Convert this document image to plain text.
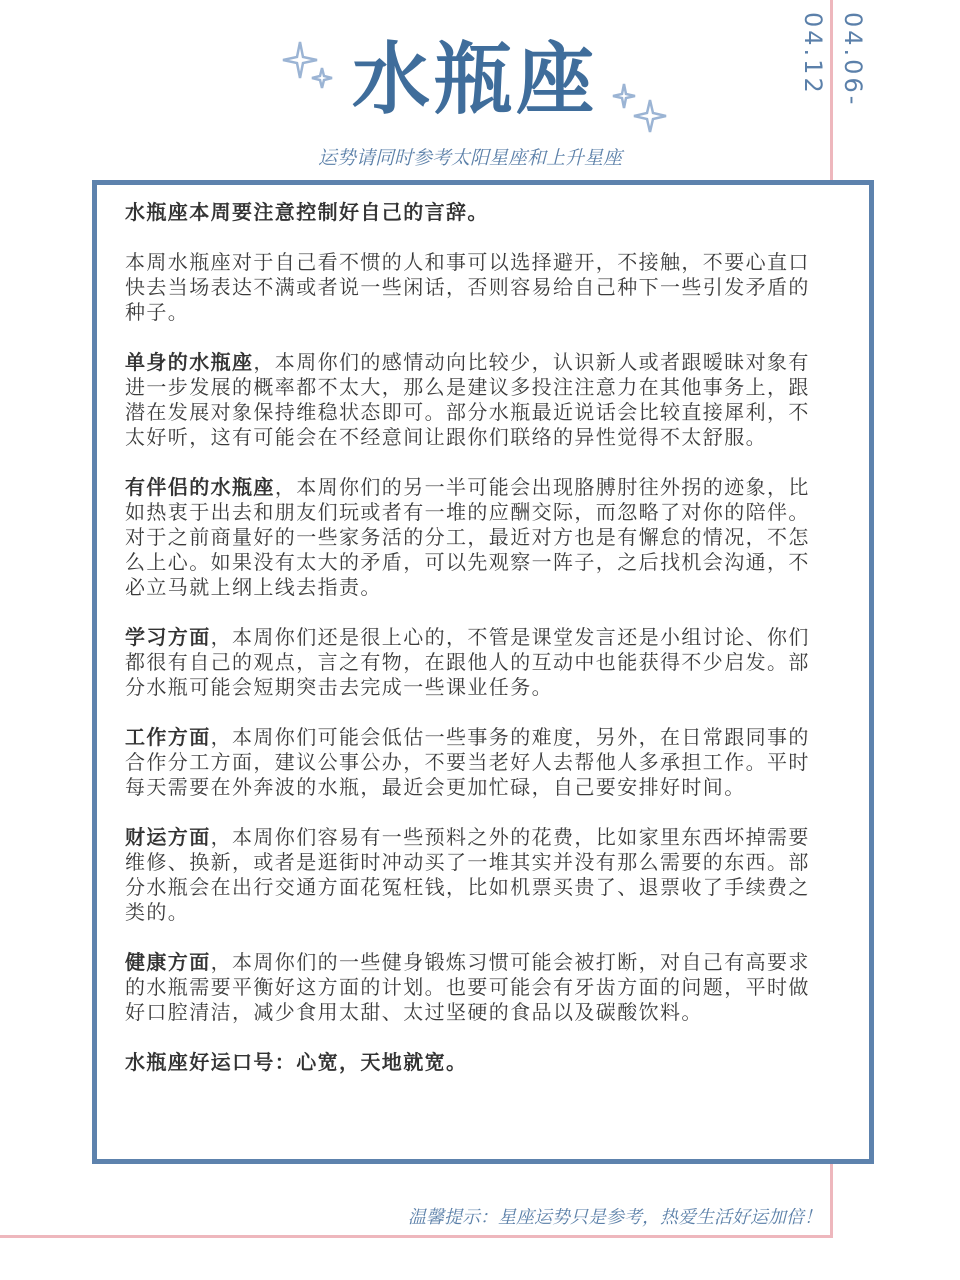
04.06-04.12
水瓶座
运势请同时参考太阳星座和上升星座

水瓶座本周要注意控制好自己的言辞。

本周水瓶座对于自己看不惯的人和事可以选择避开，不接触，不要心直口快去当场表达不满或者说一些闲话，否则容易给自己种下一些引发矛盾的种子。

单身的水瓶座，本周你们的感情动向比较少，认识新人或者跟暧昧对象有进一步发展的概率都不太大，那么是建议多投注注意力在其他事务上，跟潜在发展对象保持维稳状态即可。部分水瓶最近说话会比较直接犀利，不太好听，这有可能会在不经意间让跟你们联络的异性觉得不太舒服。

有伴侣的水瓶座，本周你们的另一半可能会出现胳膊肘往外拐的迹象，比如热衷于出去和朋友们玩或者有一堆的应酬交际，而忽略了对你的陪伴。对于之前商量好的一些家务活的分工，最近对方也是有懈怠的情况，不怎么上心。如果没有太大的矛盾，可以先观察一阵子，之后找机会沟通，不必立马就上纲上线去指责。

学习方面，本周你们还是很上心的，不管是课堂发言还是小组讨论、你们都很有自己的观点，言之有物，在跟他人的互动中也能获得不少启发。部分水瓶可能会短期突击去完成一些课业任务。

工作方面，本周你们可能会低估一些事务的难度，另外，在日常跟同事的合作分工方面，建议公事公办，不要当老好人去帮他人多承担工作。平时每天需要在外奔波的水瓶，最近会更加忙碌，自己要安排好时间。

财运方面，本周你们容易有一些预料之外的花费，比如家里东西坏掉需要维修、换新，或者是逛街时冲动买了一堆其实并没有那么需要的东西。部分水瓶会在出行交通方面花冤枉钱，比如机票买贵了、退票收了手续费之类的。

健康方面，本周你们的一些健身锻炼习惯可能会被打断，对自己有高要求的水瓶需要平衡好这方面的计划。也要可能会有牙齿方面的问题，平时做好口腔清洁，减少食用太甜、太过坚硬的食品以及碳酸饮料。

水瓶座好运口号：心宽，天地就宽。

温馨提示：星座运势只是参考，热爱生活好运加倍！
